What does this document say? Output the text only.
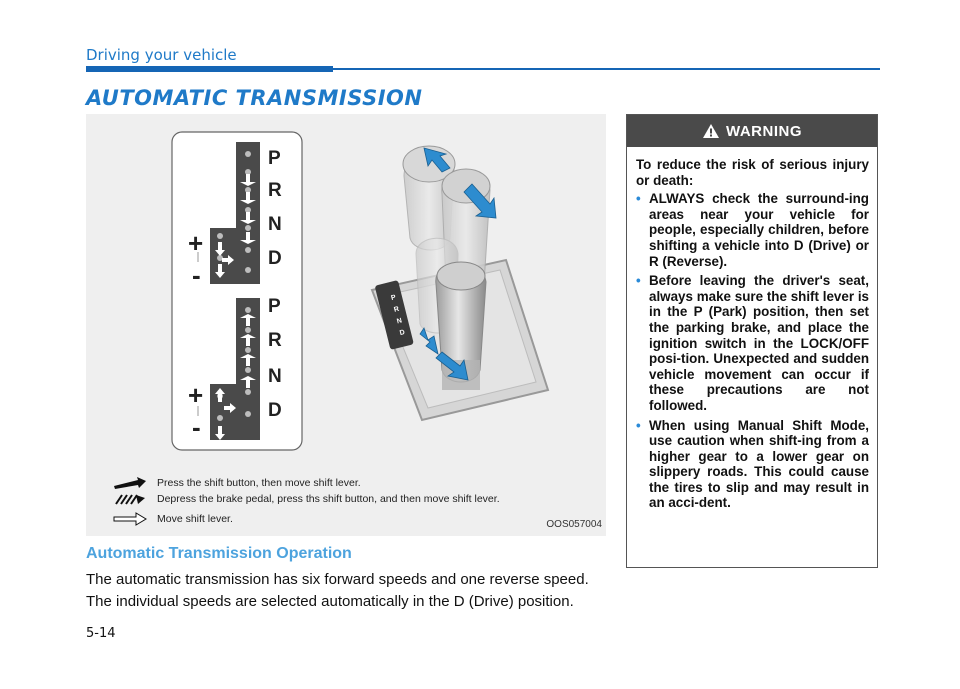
Driving your vehicle
AUTOMATIC TRANSMISSION
P
R
N
D
P
R
N
D
+
-
+
-
P
R
N
D
Press the shift button, then move shift lever.
Depress the brake pedal, press ths shift button, and then move shift lever.
Move shift lever.	OOS057004
Automatic Transmission Operation
The automatic transmission has six forward speeds and one reverse speed.
The individual speeds are selected automatically in the D (Drive) position.
5-14
WARNING
To reduce the risk of serious injury or death:
• ALWAYS check the surround-ing areas near your vehicle for people, especially children, before shifting a vehicle into D (Drive) or R (Reverse).
• Before leaving the driver's seat, always make sure the shift lever is in the P (Park) position, then set the parking brake, and place the ignition switch in the LOCK/OFF posi-tion. Unexpected and sudden vehicle movement can occur if these precautions are not followed.
• When using Manual Shift Mode, use caution when shift-ing from a higher gear to a lower gear on slippery roads. This could cause the tires to slip and may result in an acci-dent.
